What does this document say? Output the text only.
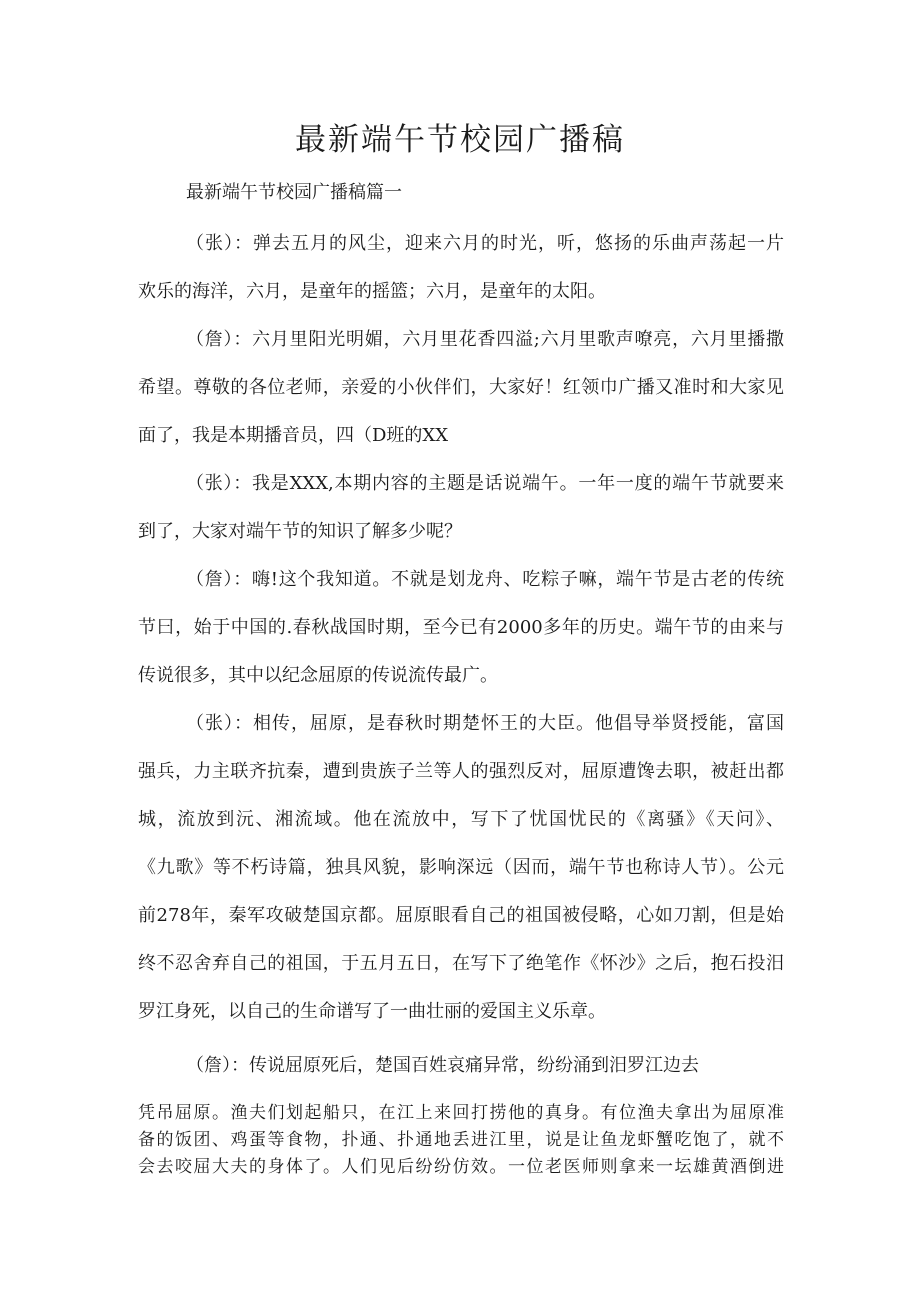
最新端午节校园广播稿

最新端午节校园广播稿篇一

（张）：弹去五月的风尘，迎来六月的时光，听，悠扬的乐曲声荡起一片

欢乐的海洋，六月，是童年的摇篮；六月，是童年的太阳。

（詹）：六月里阳光明媚，六月里花香四溢;六月里歌声嘹亮，六月里播撒

希望。尊敬的各位老师，亲爱的小伙伴们，大家好！红领巾广播又准时和大家见

面了，我是本期播音员，四（D班的XX

（张）：我是XXX,本期内容的主题是话说端午。一年一度的端午节就要来

到了，大家对端午节的知识了解多少呢？

（詹）：嗨!这个我知道。不就是划龙舟、吃粽子嘛，端午节是古老的传统

节曰，始于中国的.春秋战国时期，至今已有2000多年的历史。端午节的由来与

传说很多，其中以纪念屈原的传说流传最广。

（张）：相传，屈原，是春秋时期楚怀王的大臣。他倡导举贤授能，富国

强兵，力主联齐抗秦，遭到贵族子兰等人的强烈反对，屈原遭馋去职，被赶出都

城，流放到沅、湘流域。他在流放中，写下了忧国忧民的《离骚》《天问》、

《九歌》等不朽诗篇，独具风貌，影响深远（因而，端午节也称诗人节）。公元

前278年，秦军攻破楚国京都。屈原眼看自己的祖国被侵略，心如刀割，但是始

终不忍舍弃自己的祖国，于五月五日，在写下了绝笔作《怀沙》之后，抱石投汨

罗江身死，以自己的生命谱写了一曲壮丽的爱国主义乐章。

（詹）：传说屈原死后，楚国百姓哀痛异常，纷纷涌到汨罗江边去

凭吊屈原。渔夫们划起船只，在江上来回打捞他的真身。有位渔夫拿出为屈原准

备的饭团、鸡蛋等食物，扑通、扑通地丢进江里，说是让鱼龙虾蟹吃饱了，就不

会去咬屈大夫的身体了。人们见后纷纷仿效。一位老医师则拿来一坛雄黄酒倒进
